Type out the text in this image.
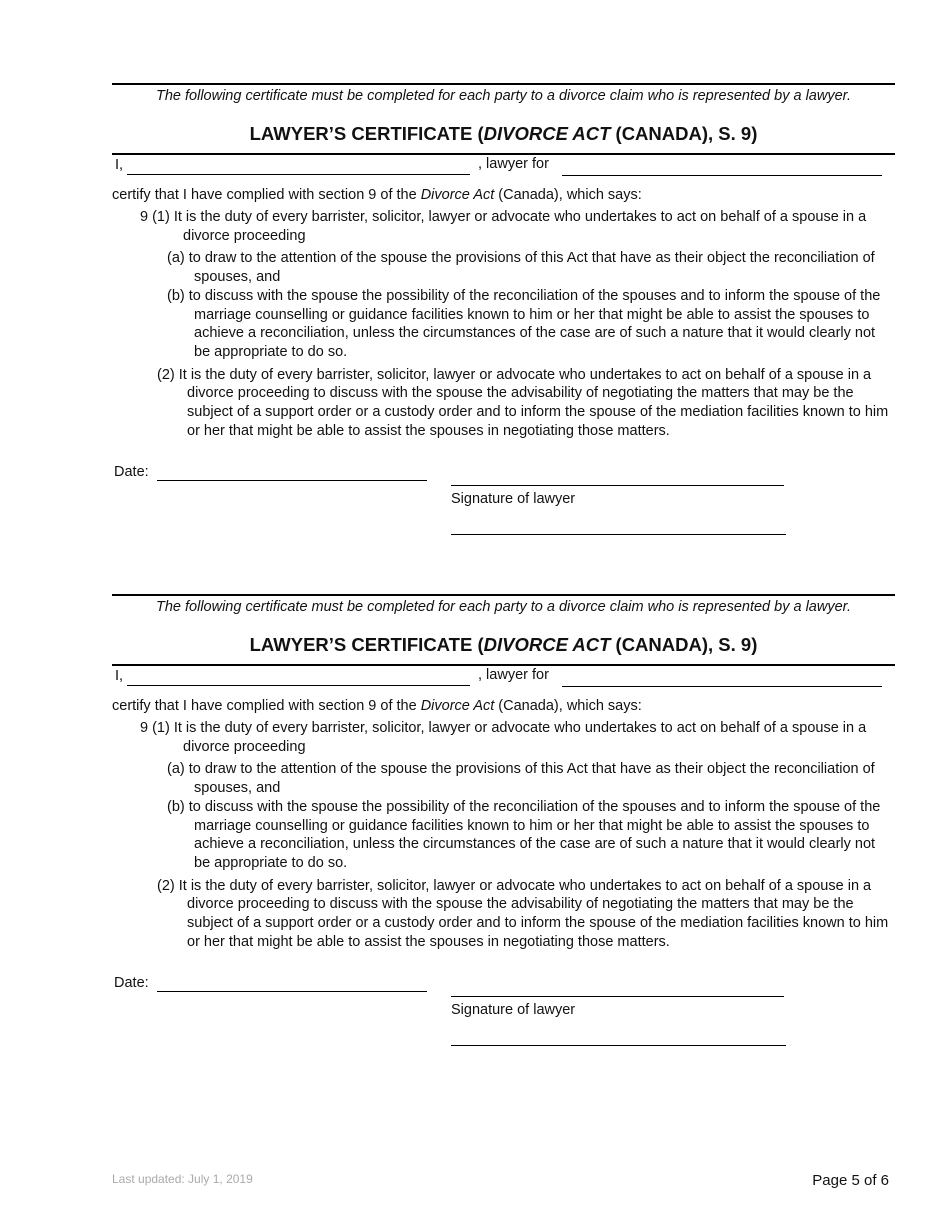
The following certificate must be completed for each party to a divorce claim who is represented by a lawyer.
LAWYER’S CERTIFICATE (DIVORCE ACT (CANADA), S. 9)
I,	, lawyer for
certify that I have complied with section 9 of the Divorce Act (Canada), which says:
9 (1) It is the duty of every barrister, solicitor, lawyer or advocate who undertakes to act on behalf of a spouse in a divorce proceeding
(a) to draw to the attention of the spouse the provisions of this Act that have as their object the reconciliation of spouses, and
(b) to discuss with the spouse the possibility of the reconciliation of the spouses and to inform the spouse of the marriage counselling or guidance facilities known to him or her that might be able to assist the spouses to achieve a reconciliation, unless the circumstances of the case are of such a nature that it would clearly not be appropriate to do so.
(2) It is the duty of every barrister, solicitor, lawyer or advocate who undertakes to act on behalf of a spouse in a divorce proceeding to discuss with the spouse the advisability of negotiating the matters that may be the subject of a support order or a custody order and to inform the spouse of the mediation facilities known to him or her that might be able to assist the spouses in negotiating those matters.
Date:
Signature of lawyer
The following certificate must be completed for each party to a divorce claim who is represented by a lawyer.
LAWYER’S CERTIFICATE (DIVORCE ACT (CANADA), S. 9)
I,	, lawyer for
certify that I have complied with section 9 of the Divorce Act (Canada), which says:
9 (1) It is the duty of every barrister, solicitor, lawyer or advocate who undertakes to act on behalf of a spouse in a divorce proceeding
(a) to draw to the attention of the spouse the provisions of this Act that have as their object the reconciliation of spouses, and
(b) to discuss with the spouse the possibility of the reconciliation of the spouses and to inform the spouse of the marriage counselling or guidance facilities known to him or her that might be able to assist the spouses to achieve a reconciliation, unless the circumstances of the case are of such a nature that it would clearly not be appropriate to do so.
(2) It is the duty of every barrister, solicitor, lawyer or advocate who undertakes to act on behalf of a spouse in a divorce proceeding to discuss with the spouse the advisability of negotiating the matters that may be the subject of a support order or a custody order and to inform the spouse of the mediation facilities known to him or her that might be able to assist the spouses in negotiating those matters.
Date:
Signature of lawyer
Last updated: July 1, 2019	Page 5 of 6
